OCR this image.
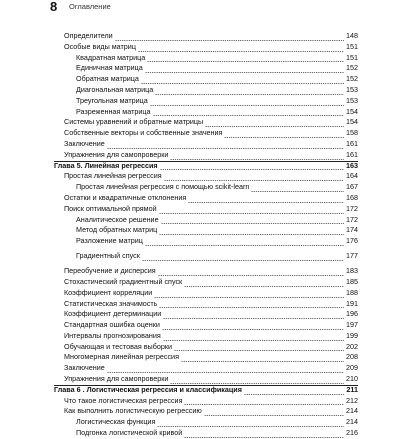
8 Оглавление
Определители	148
Особые виды матриц	151
Квадратная матрица	151
Единичная матрица	152
Обратная матрица	152
Диагональная матрица	153
Треугольная матрица	153
Разреженная матрица	154
Системы уравнений и обратные матрицы	154
Собственные векторы и собственные значения	158
Заключение	161
Упражнения для самопроверки	161
Глава 5. Линейная регрессия	163
Простая линейная регрессия	164
Простая линейная регрессия с помощью scikit-learn	167
Остатки и квадратичные отклонения	168
Поиск оптимальной прямой	172
Аналитическое решение	172
Метод обратных матриц	174
Разложение матриц	176
Градиентный спуск	177
Переобучение и дисперсия	183
Стохастический градиентный спуск	185
Коэффициент корреляции	188
Статистическая значимость	191
Коэффициент детерминации	196
Стандартная ошибка оценки	197
Интервалы прогнозирования	199
Обучающая и тестовая выборки	202
Многомерная линейная регрессия	208
Заключение	209
Упражнения для самопроверки	210
Глава 6 . Логистическая регрессия и классификация	211
Что такое логистическая регрессия	212
Как выполнить логистическую регрессию	214
Логистическая функция	214
Подгонка логистической кривой	216
